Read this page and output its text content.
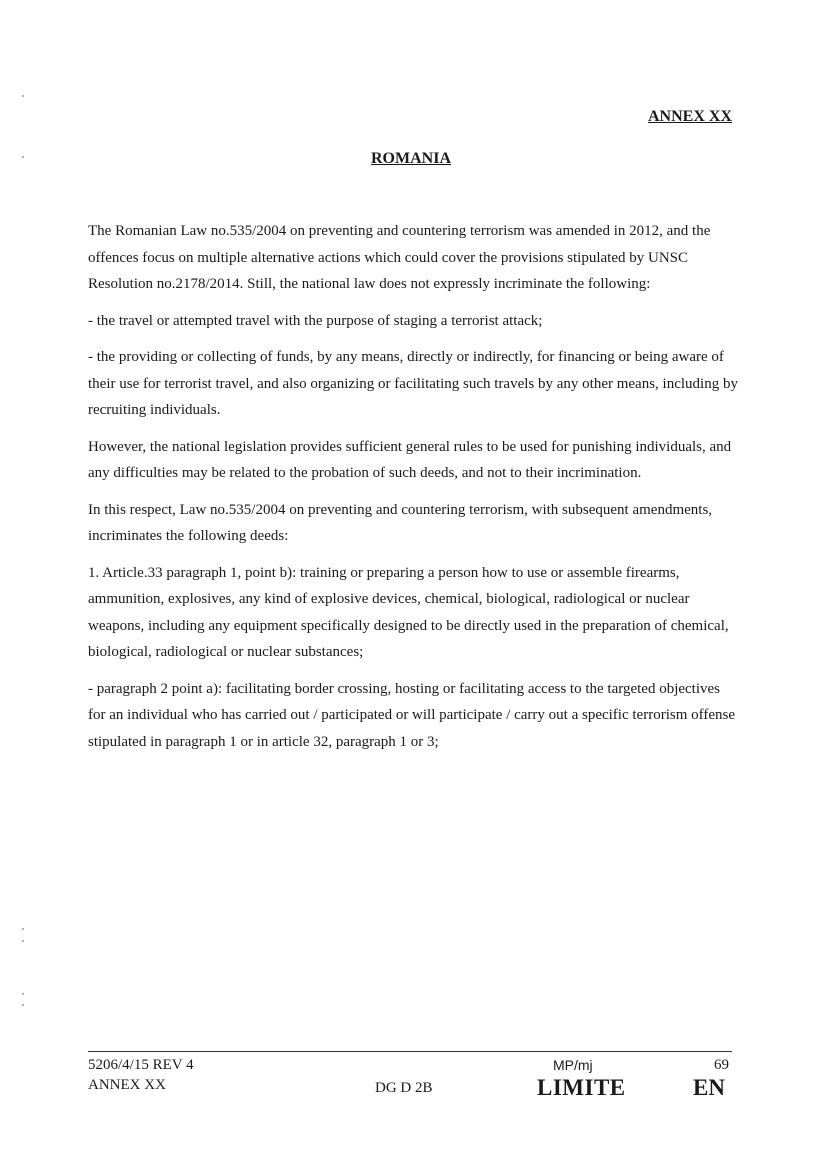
ANNEX XX
ROMANIA

The Romanian Law no.535/2004 on preventing and countering terrorism was amended in 2012, and the offences focus on multiple alternative actions which could cover the provisions stipulated by UNSC Resolution no.2178/2014. Still, the national law does not expressly incriminate the following:

- the travel or attempted travel with the purpose of staging a terrorist attack;

- the providing or collecting of funds, by any means, directly or indirectly, for financing or being aware of their use for terrorist travel, and also organizing or facilitating such travels by any other means, including by recruiting individuals.

However, the national legislation provides sufficient general rules to be used for punishing individuals, and any difficulties may be related to the probation of such deeds, and not to their incrimination.

In this respect, Law no.535/2004 on preventing and countering terrorism, with subsequent amendments, incriminates the following deeds:

1. Article.33 paragraph 1, point b): training or preparing a person how to use or assemble firearms, ammunition, explosives, any kind of explosive devices, chemical, biological, radiological or nuclear weapons, including any equipment specifically designed to be directly used in the preparation of chemical, biological, radiological or nuclear substances;

- paragraph 2 point a): facilitating border crossing, hosting or facilitating access to the targeted objectives for an individual who has carried out / participated or will participate / carry out a specific terrorism offense stipulated in paragraph 1 or in article 32, paragraph 1 or 3;

5206/4/15 REV 4
ANNEX XX	DG D 2B
MP/mj	69
LIMITE	EN
